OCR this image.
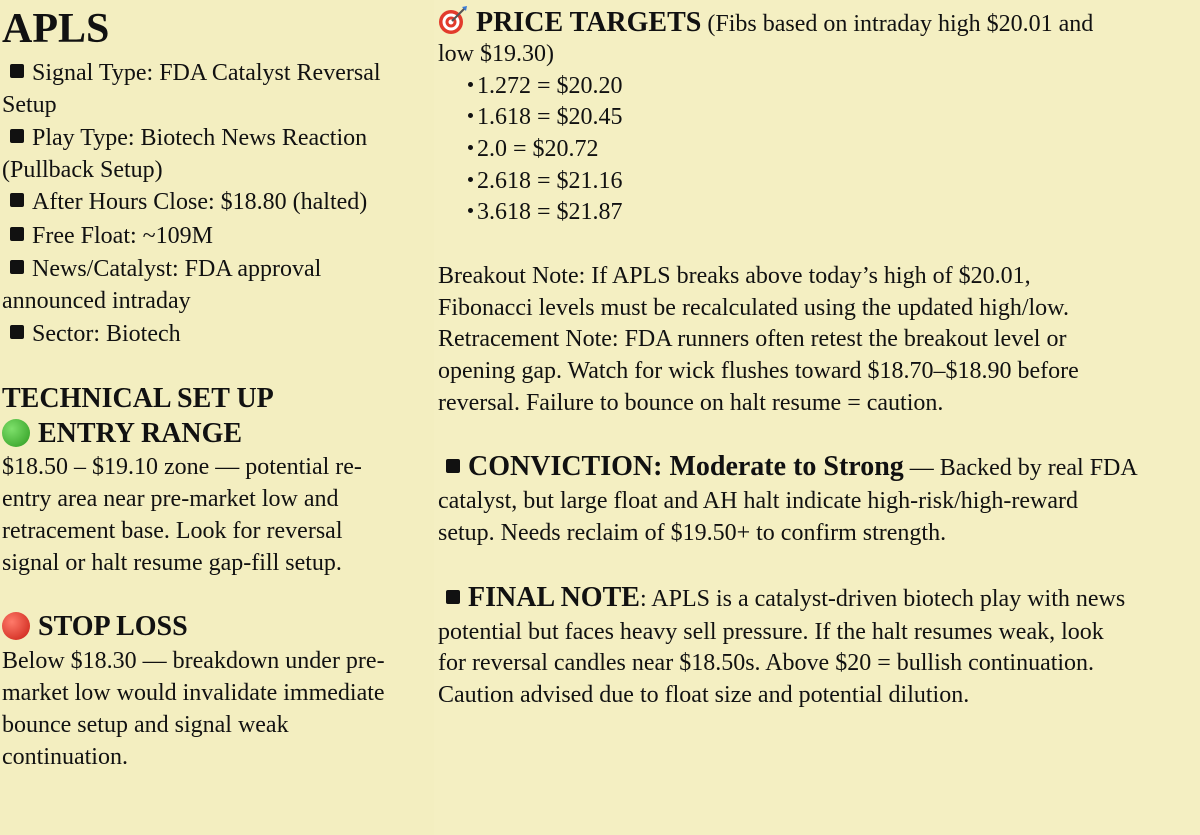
APLS
Signal Type: FDA Catalyst Reversal
Setup
Play Type: Biotech News Reaction
(Pullback Setup)
After Hours Close: $18.80 (halted)
Free Float: ~109M
News/Catalyst: FDA approval
announced intraday
Sector: Biotech
TECHNICAL SET UP
ENTRY RANGE
$18.50 – $19.10 zone — potential re-
entry area near pre-market low and
retracement base. Look for reversal
signal or halt resume gap-fill setup.
STOP LOSS
Below $18.30 — breakdown under pre-
market low would invalidate immediate
bounce setup and signal weak
continuation.
PRICE TARGETS (Fibs based on intraday high $20.01 and
low $19.30)
1.272 = $20.20
1.618 = $20.45
2.0 = $20.72
2.618 = $21.16
3.618 = $21.87
Breakout Note: If APLS breaks above today’s high of $20.01,
Fibonacci levels must be recalculated using the updated high/low.
Retracement Note: FDA runners often retest the breakout level or
opening gap. Watch for wick flushes toward $18.70–$18.90 before
reversal. Failure to bounce on halt resume = caution.
CONVICTION: Moderate to Strong — Backed by real FDA
catalyst, but large float and AH halt indicate high-risk/high-reward
setup. Needs reclaim of $19.50+ to confirm strength.
FINAL NOTE: APLS is a catalyst-driven biotech play with news
potential but faces heavy sell pressure. If the halt resumes weak, look
for reversal candles near $18.50s. Above $20 = bullish continuation.
Caution advised due to float size and potential dilution.
